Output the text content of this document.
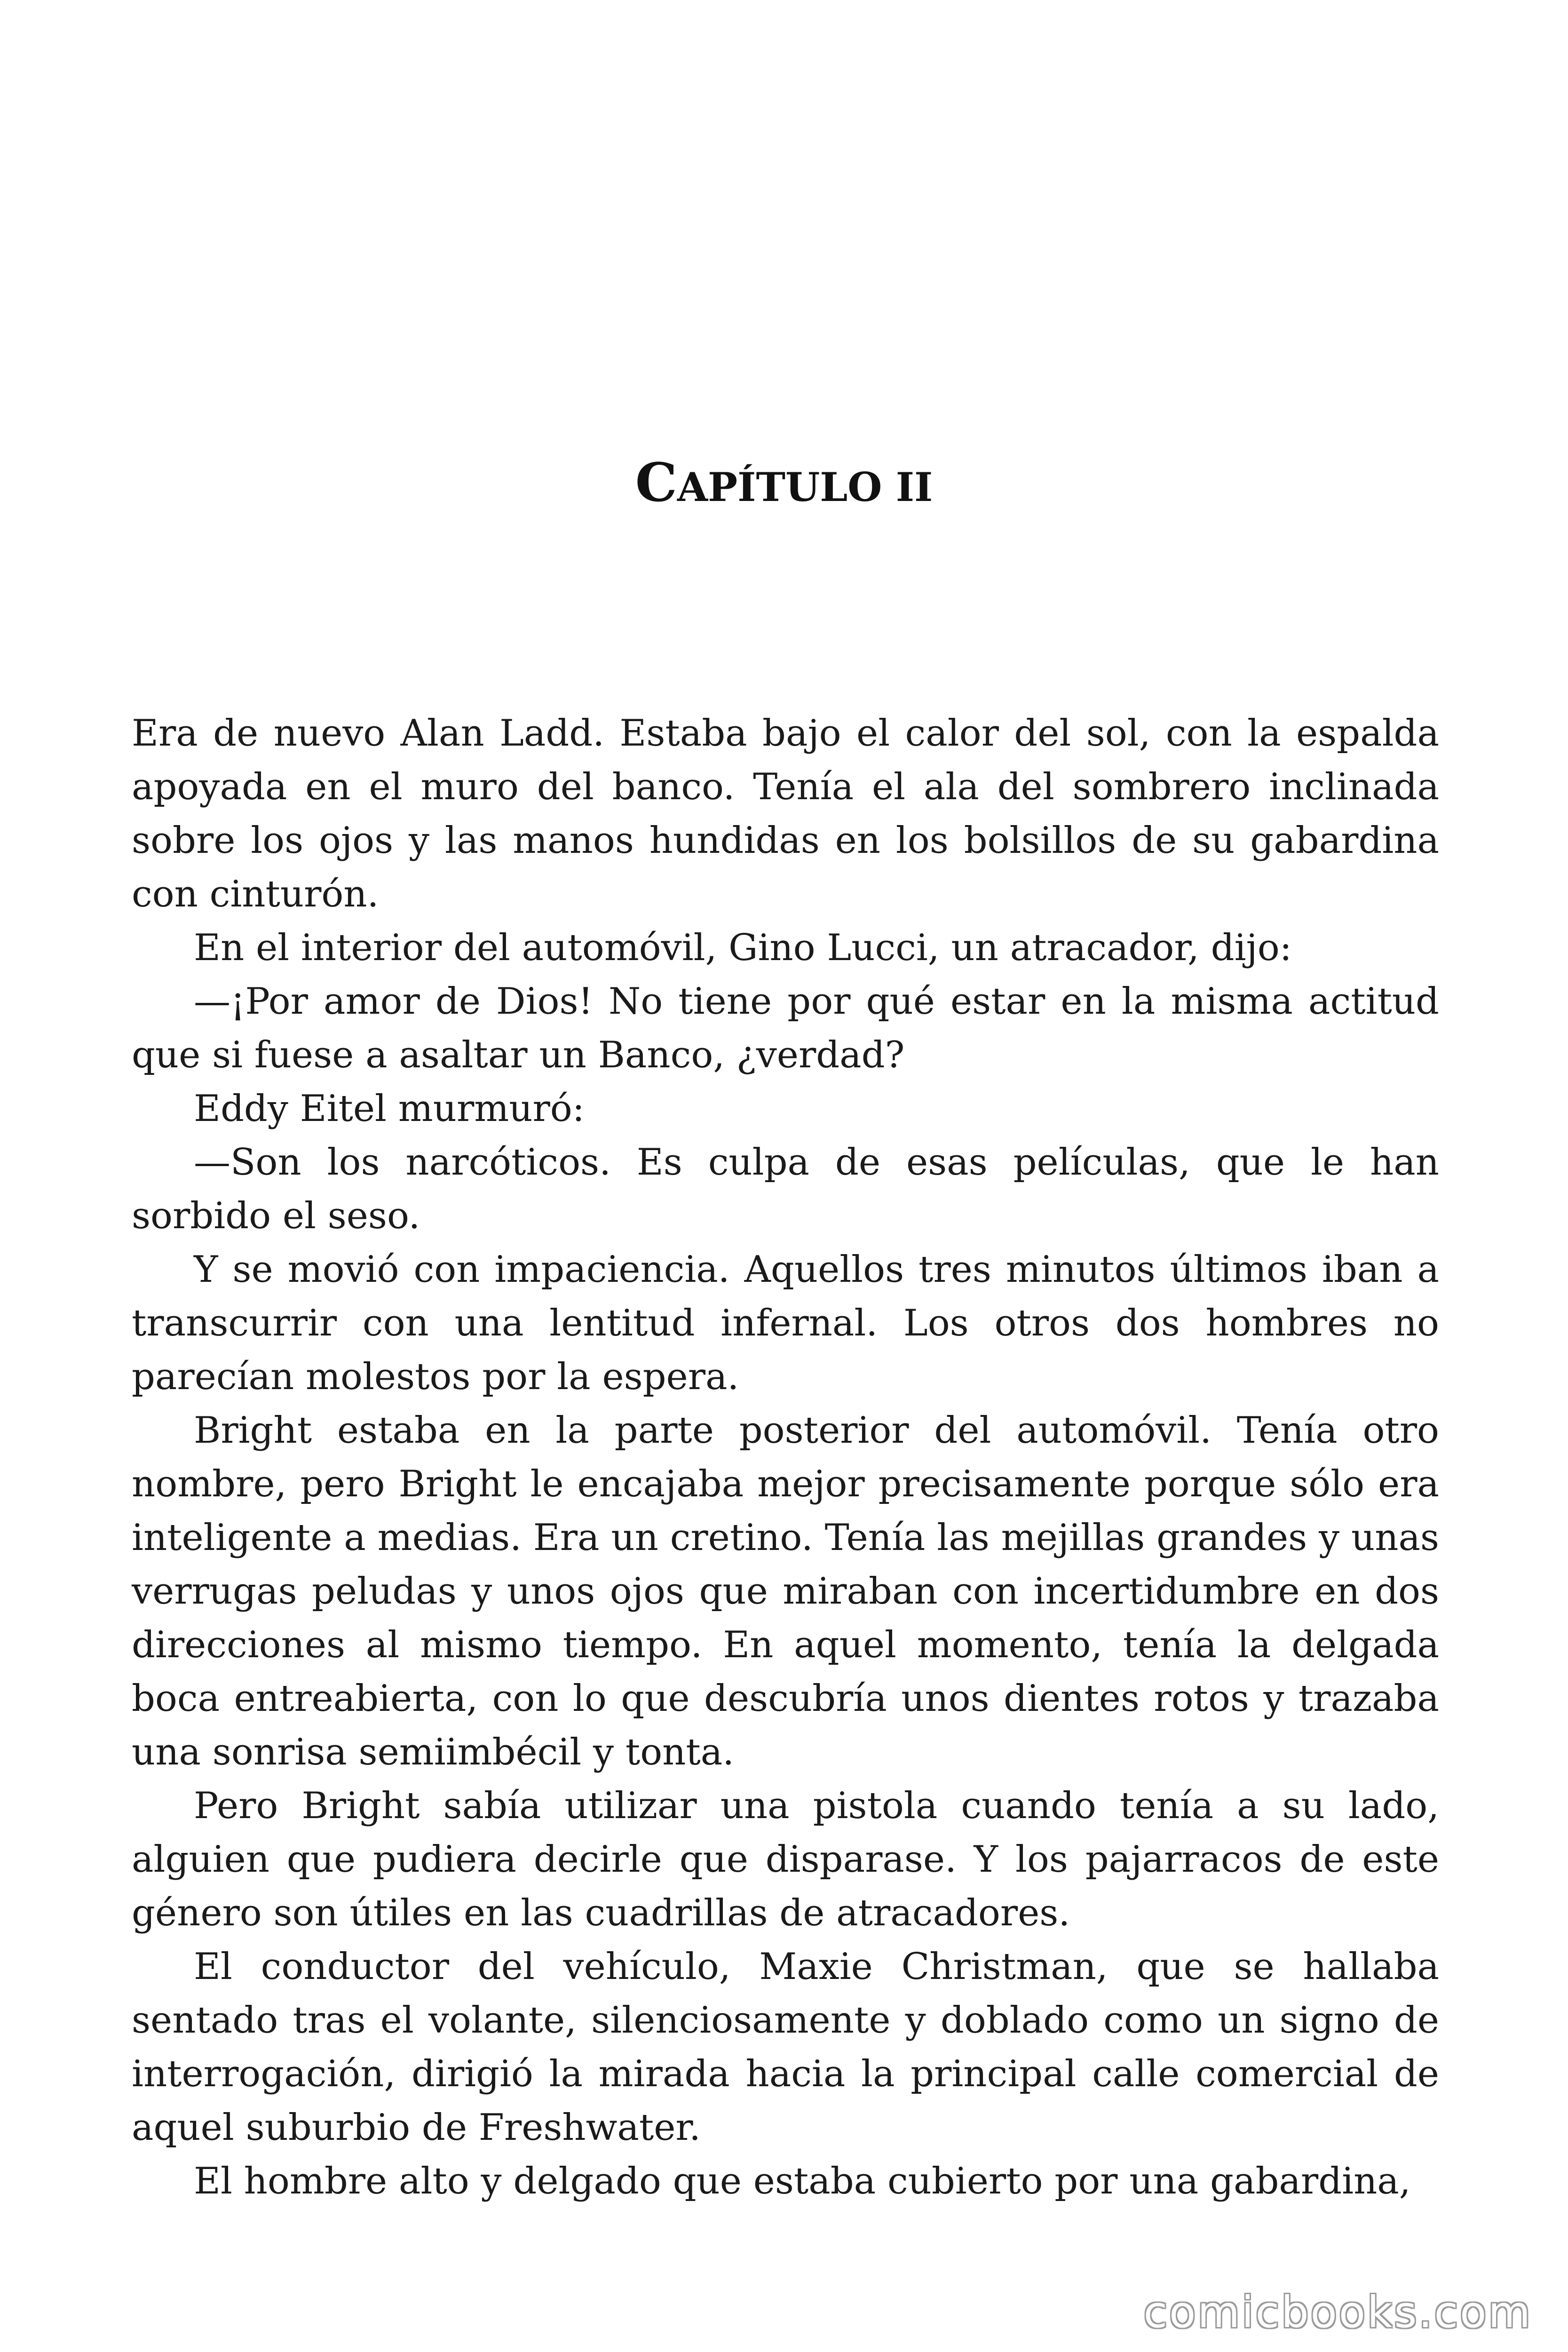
CAPÍTULO II

Era de nuevo Alan Ladd. Estaba bajo el calor del sol, con la espalda apoyada en el muro del banco. Tenía el ala del sombrero inclinada sobre los ojos y las manos hundidas en los bolsillos de su gabardina con cinturón.

En el interior del automóvil, Gino Lucci, un atracador, dijo:

—¡Por amor de Dios! No tiene por qué estar en la misma actitud que si fuese a asaltar un Banco, ¿verdad?

Eddy Eitel murmuró:

—Son los narcóticos. Es culpa de esas películas, que le han sorbido el seso.

Y se movió con impaciencia. Aquellos tres minutos últimos iban a transcurrir con una lentitud infernal. Los otros dos hombres no parecían molestos por la espera.

Bright estaba en la parte posterior del automóvil. Tenía otro nombre, pero Bright le encajaba mejor precisamente porque sólo era inteligente a medias. Era un cretino. Tenía las mejillas grandes y unas verrugas peludas y unos ojos que miraban con incertidumbre en dos direcciones al mismo tiempo. En aquel momento, tenía la delgada boca entreabierta, con lo que descubría unos dientes rotos y trazaba una sonrisa semiimbécil y tonta.

Pero Bright sabía utilizar una pistola cuando tenía a su lado, alguien que pudiera decirle que disparase. Y los pajarracos de este género son útiles en las cuadrillas de atracadores.

El conductor del vehículo, Maxie Christman, que se hallaba sentado tras el volante, silenciosamente y doblado como un signo de interrogación, dirigió la mirada hacia la principal calle comercial de aquel suburbio de Freshwater.

El hombre alto y delgado que estaba cubierto por una gabardina,

comicbooks.com
